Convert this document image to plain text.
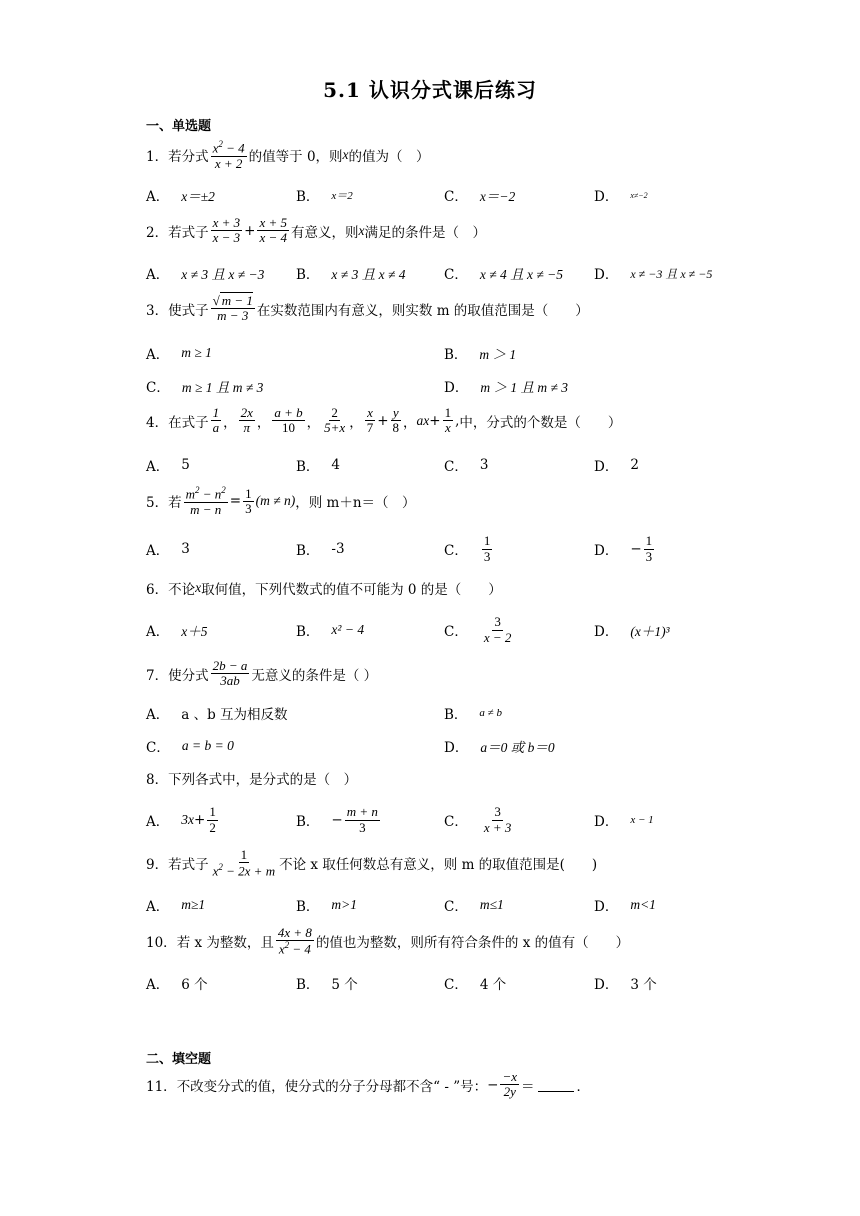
5.1 认识分式课后练习
一、单选题
1． 若分式 $\frac{x^2 - 4}{x + 2}$ 的值等于 0，则 x 的值为（　）
A． x＝±2	B． x＝2	C． x＝−2	D． x≠−2
2． 若式子 $\frac{x + 3}{x - 3} + \frac{x + 5}{x - 4}$ 有意义，则 x 满足的条件是（　）
A． x ≠ 3 且 x ≠ −3 B． x ≠ 3 且 x ≠ 4	C． x ≠ 4 且 x ≠ −5 D． x ≠ −3 且 x ≠ −5
3． 使式子 $\frac{√ m - 1}{m - 3}$ 在实数范围内有意义，则实数 m 的取值范围是（　　）
A． m ≥ 1	B． m ＞ 1
C． m ≥ 1 且 m ≠ 3	D． m ＞ 1 且 m ≠ 3
4． 在式子 $\frac{1}{a}$ ， $\frac{2x}{\pi}$ ， $\frac{a + b}{10}$ ， $\frac{2}{5+x}$ ， $\frac{x}{7} + \frac{y}{8}$ ， ax + $\frac{1}{x}$ , 中，分式的个数是（　　）
A． 5	B． 4	C． 3	D． 2
5． 若 $\frac{m^2 - n^2}{m - n} = \frac{1}{3} (m \ne n)$ ，则 m＋n＝（　）
A． 3	B． -3	C． $\frac{1}{3}$	D． − $\frac{1}{3}$
6． 不论 x 取何值，下列代数式的值不可能为 0 的是（　　）
A． x＋5	B． x² − 4	C． $\frac{3}{x - 2}$	D． (x＋1)³
7． 使分式 $\frac{2b - a}{3ab}$ 无意义的条件是（ ）
A． a 、b 互为相反数	B． a ≠ b
C． a = b = 0	D． a＝0 或 b＝0
8． 下列各式中，是分式的是（　）
A． $3x + \frac{1}{2}$	B． − $\frac{m + n}{3}$	C． $\frac{3}{x + 3}$	D． x − 1
9． 若式子 $\frac{1}{x^2 - 2x + m}$ 不论 x 取任何数总有意义，则 m 的取值范围是(　　)
A． m≥1	B． m>1	C． m≤1	D． m<1
10． 若 x 为整数，且 $\frac{4x + 8}{x^2 - 4}$ 的值也为整数，则所有符合条件的 x 的值有（　　）
A． 6 个	B． 5 个	C． 4 个	D． 3 个
二、填空题
11． 不改变分式的值，使分式的分子分母都不含“ - ”号： − $\frac{-x}{2y}$ ＝	．
